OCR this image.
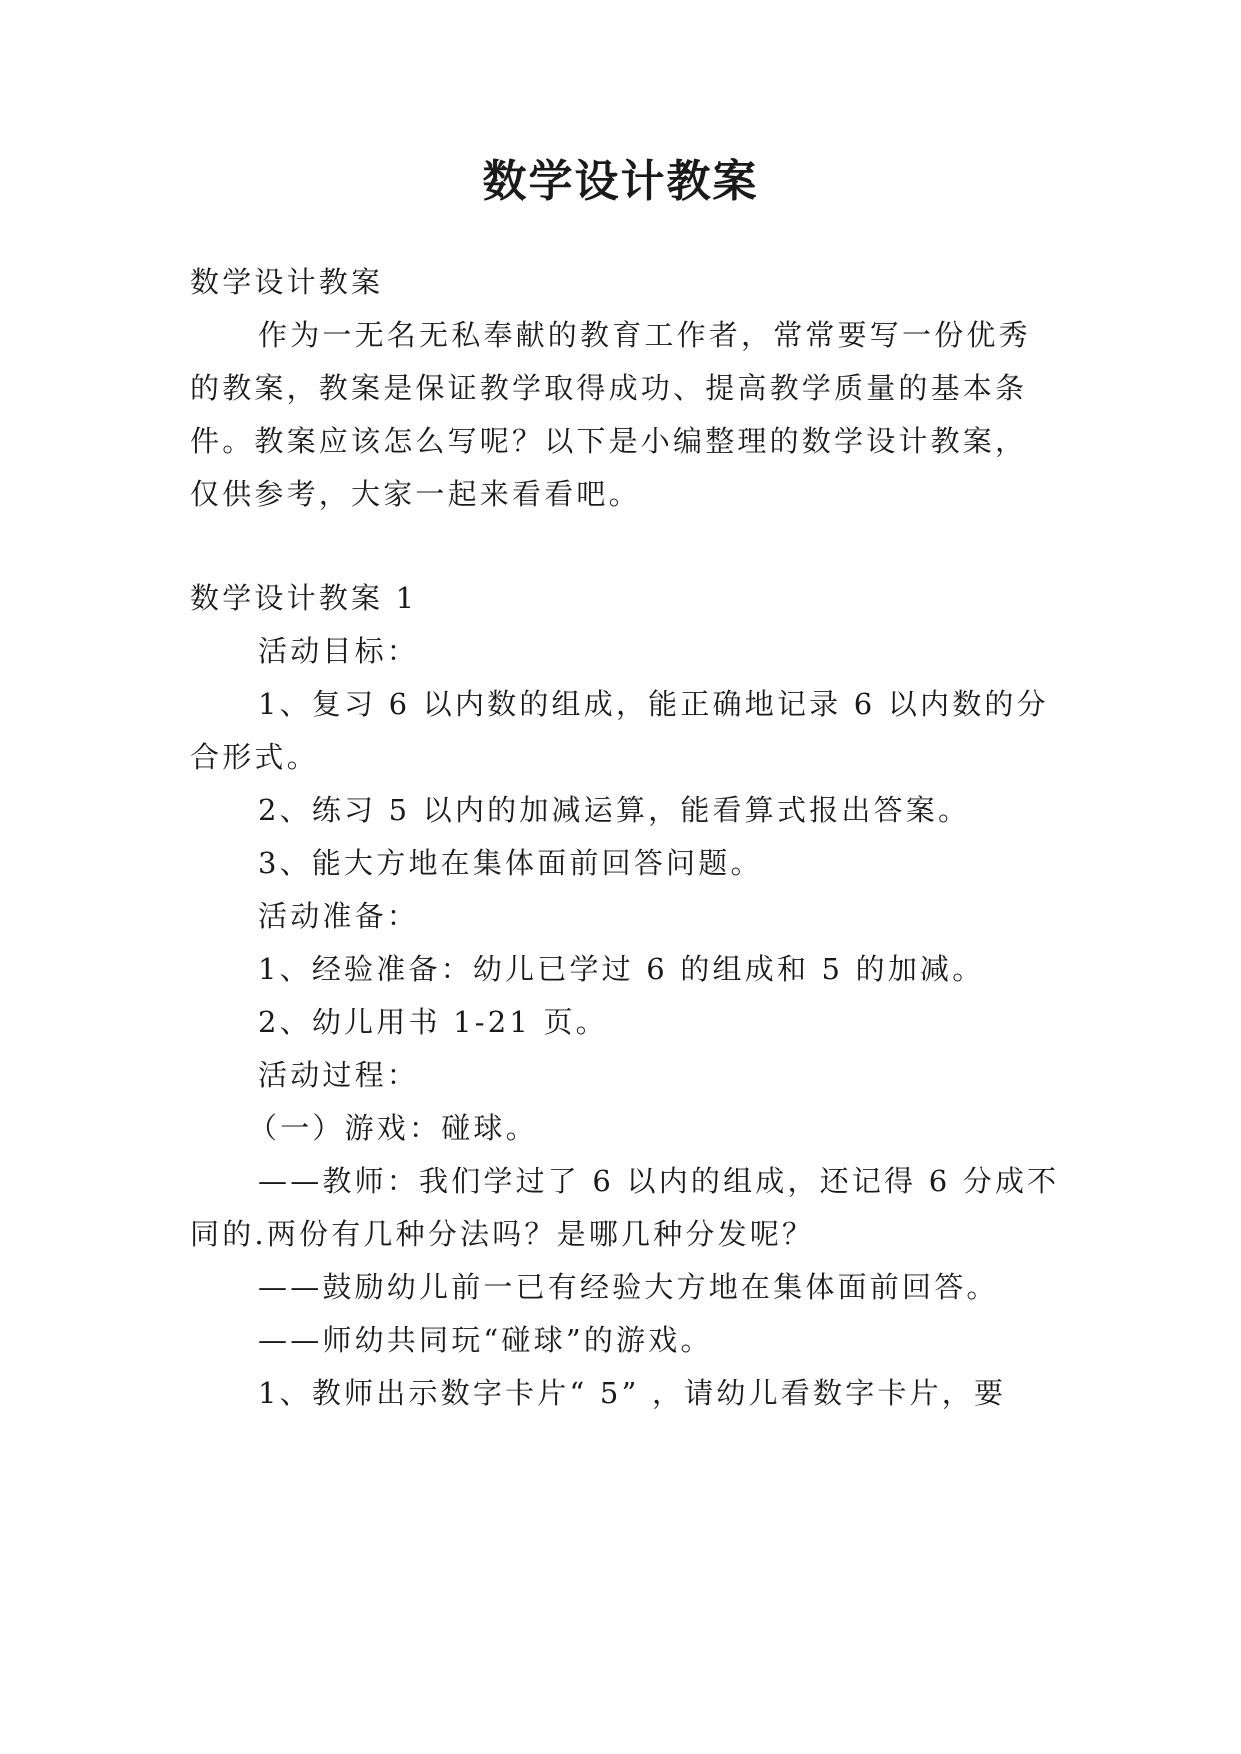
数学设计教案
数学设计教案
作为一无名无私奉献的教育工作者，常常要写一份优秀
的教案，教案是保证教学取得成功、提高教学质量的基本条
件。教案应该怎么写呢？以下是小编整理的数学设计教案，
仅供参考，大家一起来看看吧。
数学设计教案 1
活动目标：
1、复习 6 以内数的组成，能正确地记录 6 以内数的分
合形式。
2、练习 5 以内的加减运算，能看算式报出答案。
3、能大方地在集体面前回答问题。
活动准备：
1、经验准备：幼儿已学过 6 的组成和 5 的加减。
2、幼儿用书 1-21 页。
活动过程：
（一）游戏：碰球。
——教师：我们学过了 6 以内的组成，还记得 6 分成不
同的.两份有几种分法吗？是哪几种分发呢？
——鼓励幼儿前一已有经验大方地在集体面前回答。
——师幼共同玩“碰球”的游戏。
1、教师出示数字卡片“ 5” ，请幼儿看数字卡片，要
